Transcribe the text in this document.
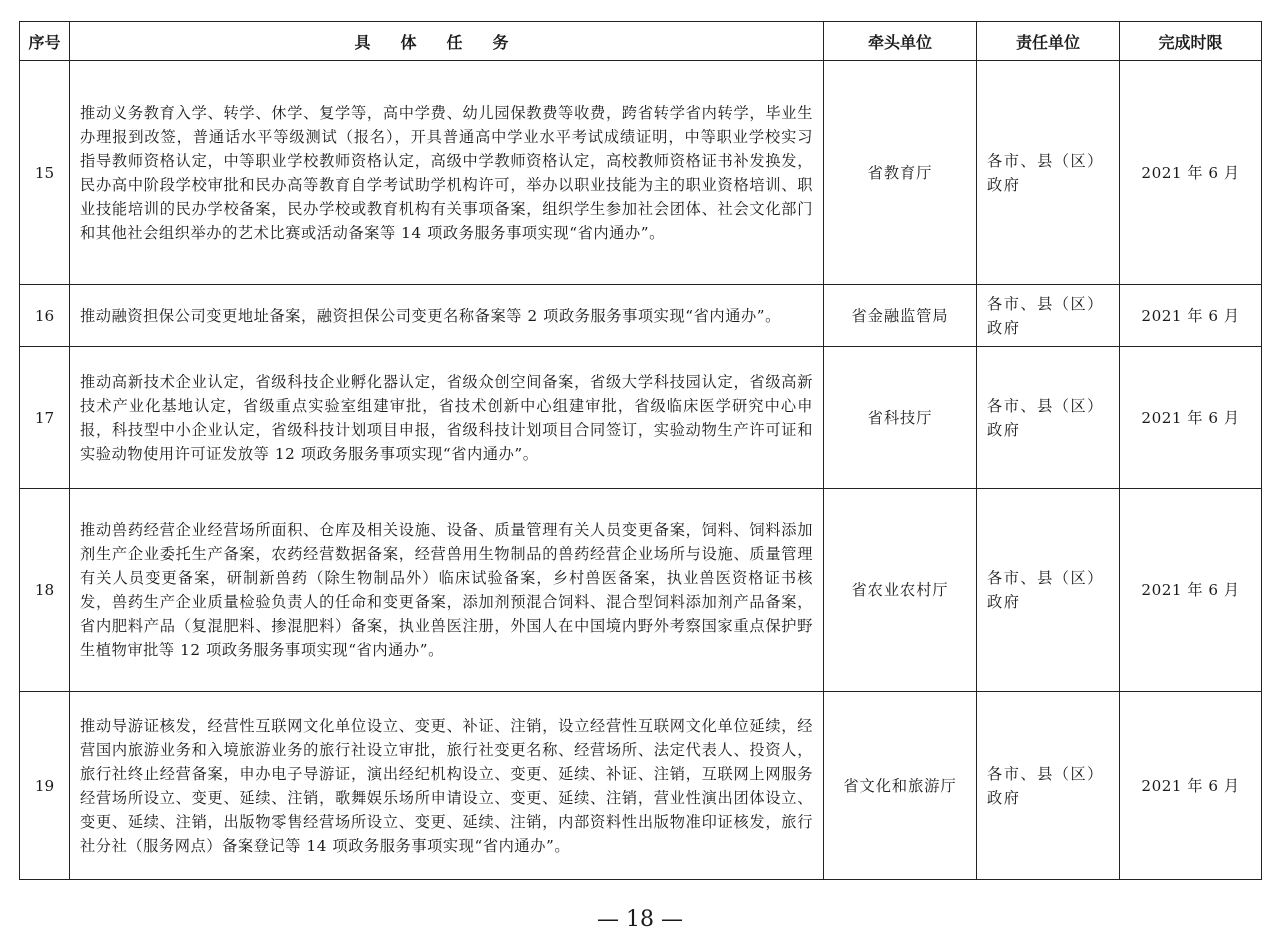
序号	具体任务	牵头单位	责任单位	完成时限
15	推动义务教育入学、转学、休学、复学等，高中学费、幼儿园保教费等收费，跨省转学省内转学，毕业生办理报到改签，普通话水平等级测试（报名），开具普通高中学业水平考试成绩证明，中等职业学校实习指导教师资格认定，中等职业学校教师资格认定，高级中学教师资格认定，高校教师资格证书补发换发，民办高中阶段学校审批和民办高等教育自学考试助学机构许可，举办以职业技能为主的职业资格培训、职业技能培训的民办学校备案，民办学校或教育机构有关事项备案，组织学生参加社会团体、社会文化部门和其他社会组织举办的艺术比赛或活动备案等 14 项政务服务事项实现“省内通办”。	省教育厅	各市、县（区）政府	2021 年 6 月
16	推动融资担保公司变更地址备案，融资担保公司变更名称备案等 2 项政务服务事项实现“省内通办”。	省金融监管局	各市、县（区）政府	2021 年 6 月
17	推动高新技术企业认定，省级科技企业孵化器认定，省级众创空间备案，省级大学科技园认定，省级高新技术产业化基地认定，省级重点实验室组建审批，省技术创新中心组建审批，省级临床医学研究中心申报，科技型中小企业认定，省级科技计划项目申报，省级科技计划项目合同签订，实验动物生产许可证和实验动物使用许可证发放等 12 项政务服务事项实现“省内通办”。	省科技厅	各市、县（区）政府	2021 年 6 月
18	推动兽药经营企业经营场所面积、仓库及相关设施、设备、质量管理有关人员变更备案，饲料、饲料添加剂生产企业委托生产备案，农药经营数据备案，经营兽用生物制品的兽药经营企业场所与设施、质量管理有关人员变更备案，研制新兽药（除生物制品外）临床试验备案，乡村兽医备案，执业兽医资格证书核发，兽药生产企业质量检验负责人的任命和变更备案，添加剂预混合饲料、混合型饲料添加剂产品备案，省内肥料产品（复混肥料、掺混肥料）备案，执业兽医注册，外国人在中国境内野外考察国家重点保护野生植物审批等 12 项政务服务事项实现“省内通办”。	省农业农村厅	各市、县（区）政府	2021 年 6 月
19	推动导游证核发，经营性互联网文化单位设立、变更、补证、注销，设立经营性互联网文化单位延续，经营国内旅游业务和入境旅游业务的旅行社设立审批，旅行社变更名称、经营场所、法定代表人、投资人，旅行社终止经营备案，申办电子导游证，演出经纪机构设立、变更、延续、补证、注销，互联网上网服务经营场所设立、变更、延续、注销，歌舞娱乐场所申请设立、变更、延续、注销，营业性演出团体设立、变更、延续、注销，出版物零售经营场所设立、变更、延续、注销，内部资料性出版物准印证核发，旅行社分社（服务网点）备案登记等 14 项政务服务事项实现“省内通办”。	省文化和旅游厅	各市、县（区）政府	2021 年 6 月
— 18 —
